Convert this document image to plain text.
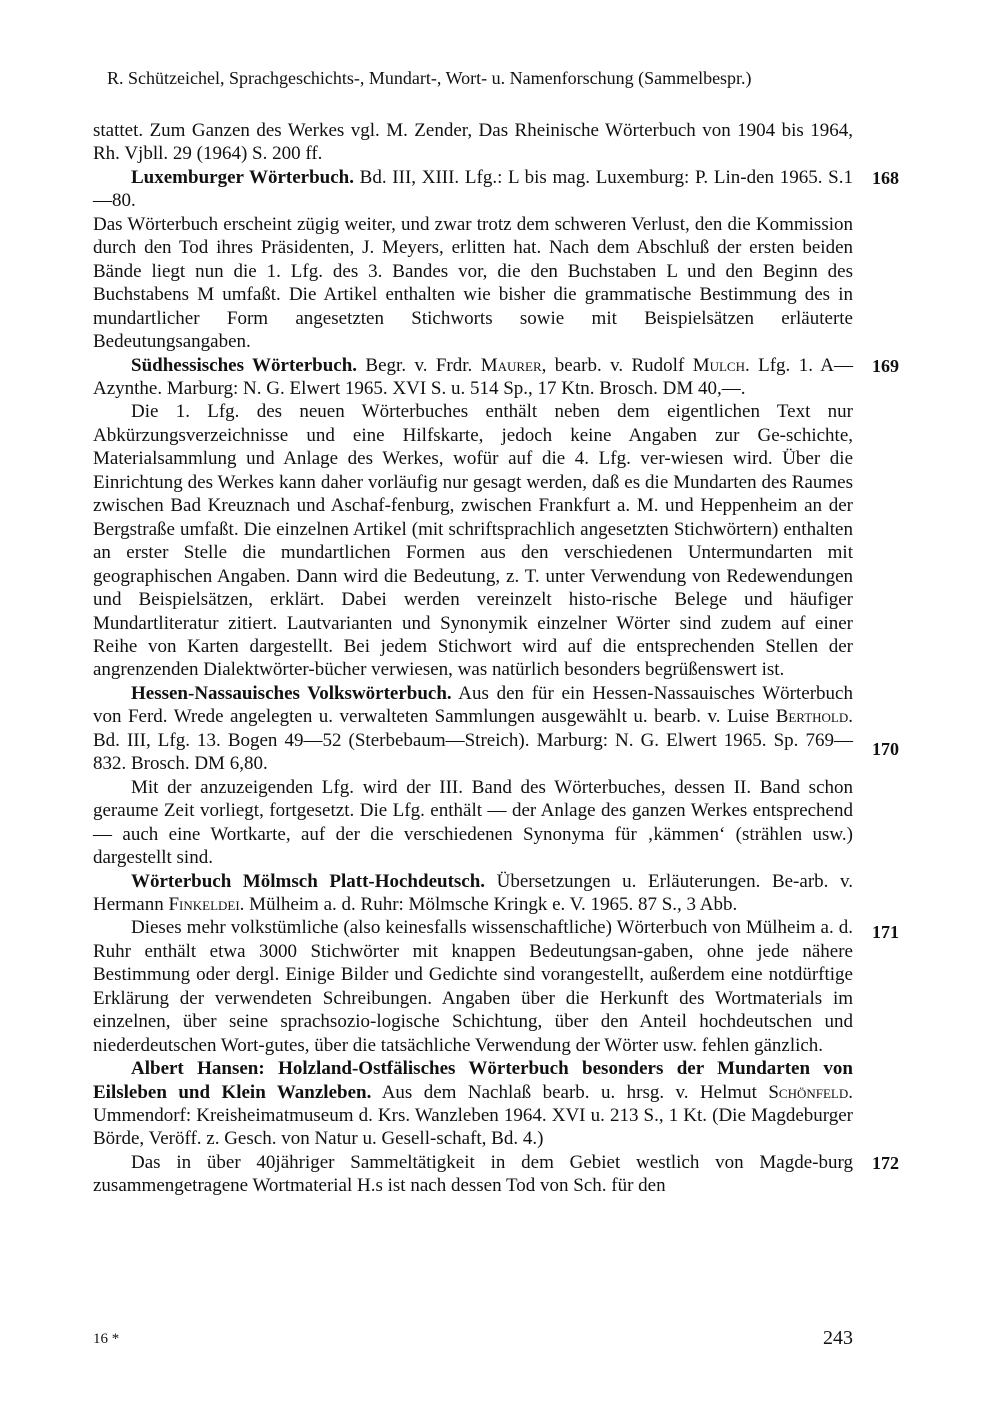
R. Schützeichel, Sprachgeschichts-, Mundart-, Wort- u. Namenforschung (Sammelbespr.)

stattet. Zum Ganzen des Werkes vgl. M. Zender, Das Rheinische Wörterbuch von 1904 bis 1964, Rh. Vjbll. 29 (1964) S. 200 ff.

Luxemburger Wörterbuch. Bd. III, XIII. Lfg.: L bis mag. Luxemburg: P. Lin-den 1965. S.1—80.

Das Wörterbuch erscheint zügig weiter, und zwar trotz dem schweren Verlust, den die Kommission durch den Tod ihres Präsidenten, J. Meyers, erlitten hat. Nach dem Abschluß der ersten beiden Bände liegt nun die 1. Lfg. des 3. Bandes vor, die den Buchstaben L und den Beginn des Buchstabens M umfaßt. Die Artikel enthalten wie bisher die grammatische Bestimmung des in mundartlicher Form angesetzten Stichworts sowie mit Beispielsätzen erläuterte Bedeutungsangaben.

Südhessisches Wörterbuch. Begr. v. Frdr. Maurer, bearb. v. Rudolf Mulch. Lfg. 1. A—Azynthe. Marburg: N. G. Elwert 1965. XVI S. u. 514 Sp., 17 Ktn. Brosch. DM 40,—.

Die 1. Lfg. des neuen Wörterbuches enthält neben dem eigentlichen Text nur Abkürzungsverzeichnisse und eine Hilfskarte, jedoch keine Angaben zur Ge-schichte, Materialsammlung und Anlage des Werkes, wofür auf die 4. Lfg. ver-wiesen wird. Über die Einrichtung des Werkes kann daher vorläufig nur gesagt werden, daß es die Mundarten des Raumes zwischen Bad Kreuznach und Aschaf-fenburg, zwischen Frankfurt a. M. und Heppenheim an der Bergstraße umfaßt. Die einzelnen Artikel (mit schriftsprachlich angesetzten Stichwörtern) enthalten an erster Stelle die mundartlichen Formen aus den verschiedenen Untermundarten mit geographischen Angaben. Dann wird die Bedeutung, z. T. unter Verwendung von Redewendungen und Beispielsätzen, erklärt. Dabei werden vereinzelt histo-rische Belege und häufiger Mundartliteratur zitiert. Lautvarianten und Synonymik einzelner Wörter sind zudem auf einer Reihe von Karten dargestellt. Bei jedem Stichwort wird auf die entsprechenden Stellen der angrenzenden Dialektwörter-bücher verwiesen, was natürlich besonders begrüßenswert ist.

Hessen-Nassauisches Volkswörterbuch. Aus den für ein Hessen-Nassauisches Wörterbuch von Ferd. Wrede angelegten u. verwalteten Sammlungen ausgewählt u. bearb. v. Luise Berthold. Bd. III, Lfg. 13. Bogen 49—52 (Sterbebaum—Streich). Marburg: N. G. Elwert 1965. Sp. 769—832. Brosch. DM 6,80.

Mit der anzuzeigenden Lfg. wird der III. Band des Wörterbuches, dessen II. Band schon geraume Zeit vorliegt, fortgesetzt. Die Lfg. enthält — der Anlage des ganzen Werkes entsprechend — auch eine Wortkarte, auf der die verschiedenen Synonyma für ‚kämmen‘ (strählen usw.) dargestellt sind.

Wörterbuch Mölmsch Platt-Hochdeutsch. Übersetzungen u. Erläuterungen. Be-arb. v. Hermann Finkeldei. Mülheim a. d. Ruhr: Mölmsche Kringk e. V. 1965. 87 S., 3 Abb.

Dieses mehr volkstümliche (also keinesfalls wissenschaftliche) Wörterbuch von Mülheim a. d. Ruhr enthält etwa 3000 Stichwörter mit knappen Bedeutungsan-gaben, ohne jede nähere Bestimmung oder dergl. Einige Bilder und Gedichte sind vorangestellt, außerdem eine notdürftige Erklärung der verwendeten Schreibungen. Angaben über die Herkunft des Wortmaterials im einzelnen, über seine sprachsozio-logische Schichtung, über den Anteil hochdeutschen und niederdeutschen Wort-gutes, über die tatsächliche Verwendung der Wörter usw. fehlen gänzlich.

Albert Hansen: Holzland-Ostfälisches Wörterbuch besonders der Mundarten von Eilsleben und Klein Wanzleben. Aus dem Nachlaß bearb. u. hrsg. v. Helmut Schönfeld. Ummendorf: Kreisheimatmuseum d. Krs. Wanzleben 1964. XVI u. 213 S., 1 Kt. (Die Magdeburger Börde, Veröff. z. Gesch. von Natur u. Gesell-schaft, Bd. 4.)

Das in über 40jähriger Sammeltätigkeit in dem Gebiet westlich von Magde-burg zusammengetragene Wortmaterial H.s ist nach dessen Tod von Sch. für den

168
169
170
171
172
16 *	243
